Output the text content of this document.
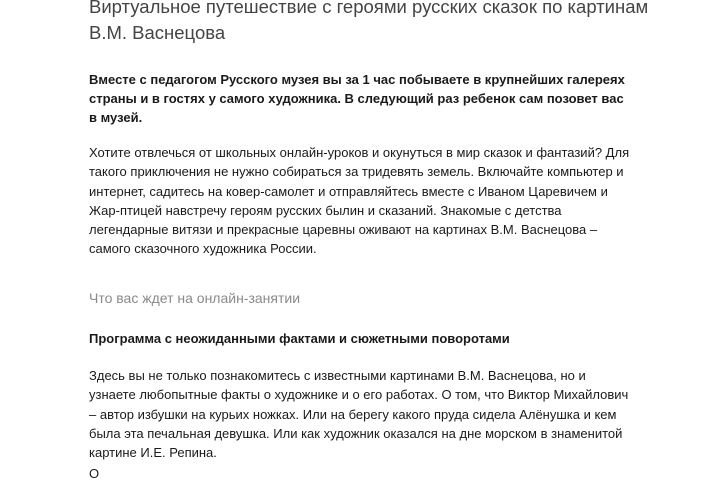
Виртуальное путешествие с героями русских сказок по картинам В.М. Васнецова

Вместе с педагогом Русского музея вы за 1 час побываете в крупнейших галереях страны и в гостях у самого художника. В следующий раз ребенок сам позовет вас в музей.

Хотите отвлечься от школьных онлайн-уроков и окунуться в мир сказок и фантазий? Для такого приключения не нужно собираться за тридевять земель. Включайте компьютер и интернет, садитесь на ковер-самолет и отправляйтесь вместе с Иваном Царевичем и Жар-птицей навстречу героям русских былин и сказаний. Знакомые с детства легендарные витязи и прекрасные царевны оживают на картинах В.М. Васнецова – самого сказочного художника России.

Что вас ждет на онлайн-занятии
Программа с неожиданными фактами и сюжетными поворотами

Здесь вы не только познакомитесь с известными картинами В.М. Васнецова, но и узнаете любопытные факты о художнике и о его работах. О том, что Виктор Михайлович – автор избушки на курьих ножках. Или на берегу какого пруда сидела Алёнушка и кем была эта печальная девушка. Или как художник оказался на дне морском в знаменитой картине И.Е. Репина.

О
